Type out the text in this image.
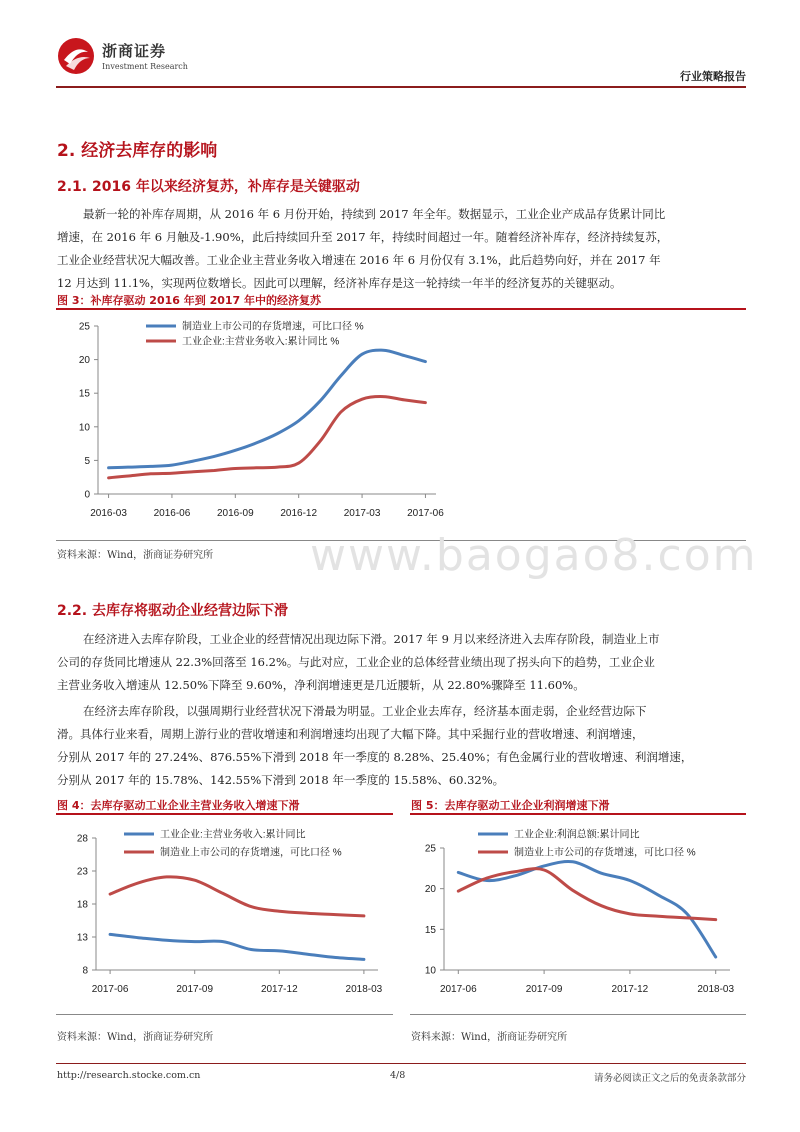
浙商证券
Investment Research
行业策略报告
2. 经济去库存的影响
2.1. 2016 年以来经济复苏，补库存是关键驱动
最新一轮的补库存周期，从 2016 年 6 月份开始，持续到 2017 年全年。数据显示，工业企业产成品存货累计同比
增速，在 2016 年 6 月触及-1.90%，此后持续回升至 2017 年，持续时间超过一年。随着经济补库存，经济持续复苏，
工业企业经营状况大幅改善。工业企业主营业务收入增速在 2016 年 6 月份仅有 3.1%，此后趋势向好，并在 2017 年
12 月达到 11.1%，实现两位数增长。因此可以理解，经济补库存是这一轮持续一年半的经济复苏的关键驱动。
图 3：补库存驱动 2016 年到 2017 年中的经济复苏
0
5
10
15
20
25
2016-03	2016-06	2016-09	2016-12	2017-03	2017-06
制造业上市公司的存货增速，可比口径 %
工业企业:主营业务收入:累计同比 %
资料来源：Wind，浙商证券研究所 www.baogao8.com
2.2. 去库存将驱动企业经营边际下滑
在经济进入去库存阶段，工业企业的经营情况出现边际下滑。2017 年 9 月以来经济进入去库存阶段，制造业上市
公司的存货同比增速从 22.3%回落至 16.2%。与此对应，工业企业的总体经营业绩出现了拐头向下的趋势，工业企业
主营业务收入增速从 12.50%下降至 9.60%，净利润增速更是几近腰斩，从 22.80%骤降至 11.60%。
在经济去库存阶段，以强周期行业经营状况下滑最为明显。工业企业去库存，经济基本面走弱，企业经营边际下
滑。具体行业来看，周期上游行业的营收增速和利润增速均出现了大幅下降。其中采掘行业的营收增速、利润增速，
分别从 2017 年的 27.24%、876.55%下滑到 2018 年一季度的 8.28%、25.40%；有色金属行业的营收增速、利润增速，
分别从 2017 年的 15.78%、142.55%下滑到 2018 年一季度的 15.58%、60.32%。
图 4：去库存驱动工业企业主营业务收入增速下滑
8
13
18
23
28
2017-06	2017-09	2017-12	2018-03
工业企业:主营业务收入:累计同比
制造业上市公司的存货增速，可比口径 %
资料来源：Wind，浙商证券研究所
图 5：去库存驱动工业企业利润增速下滑
10
15
20
25
2017-06	2017-09	2017-12	2018-03
工业企业:利润总额:累计同比
制造业上市公司的存货增速，可比口径 %
资料来源：Wind，浙商证券研究所
http://research.stocke.com.cn	4/8	请务必阅读正文之后的免责条款部分
